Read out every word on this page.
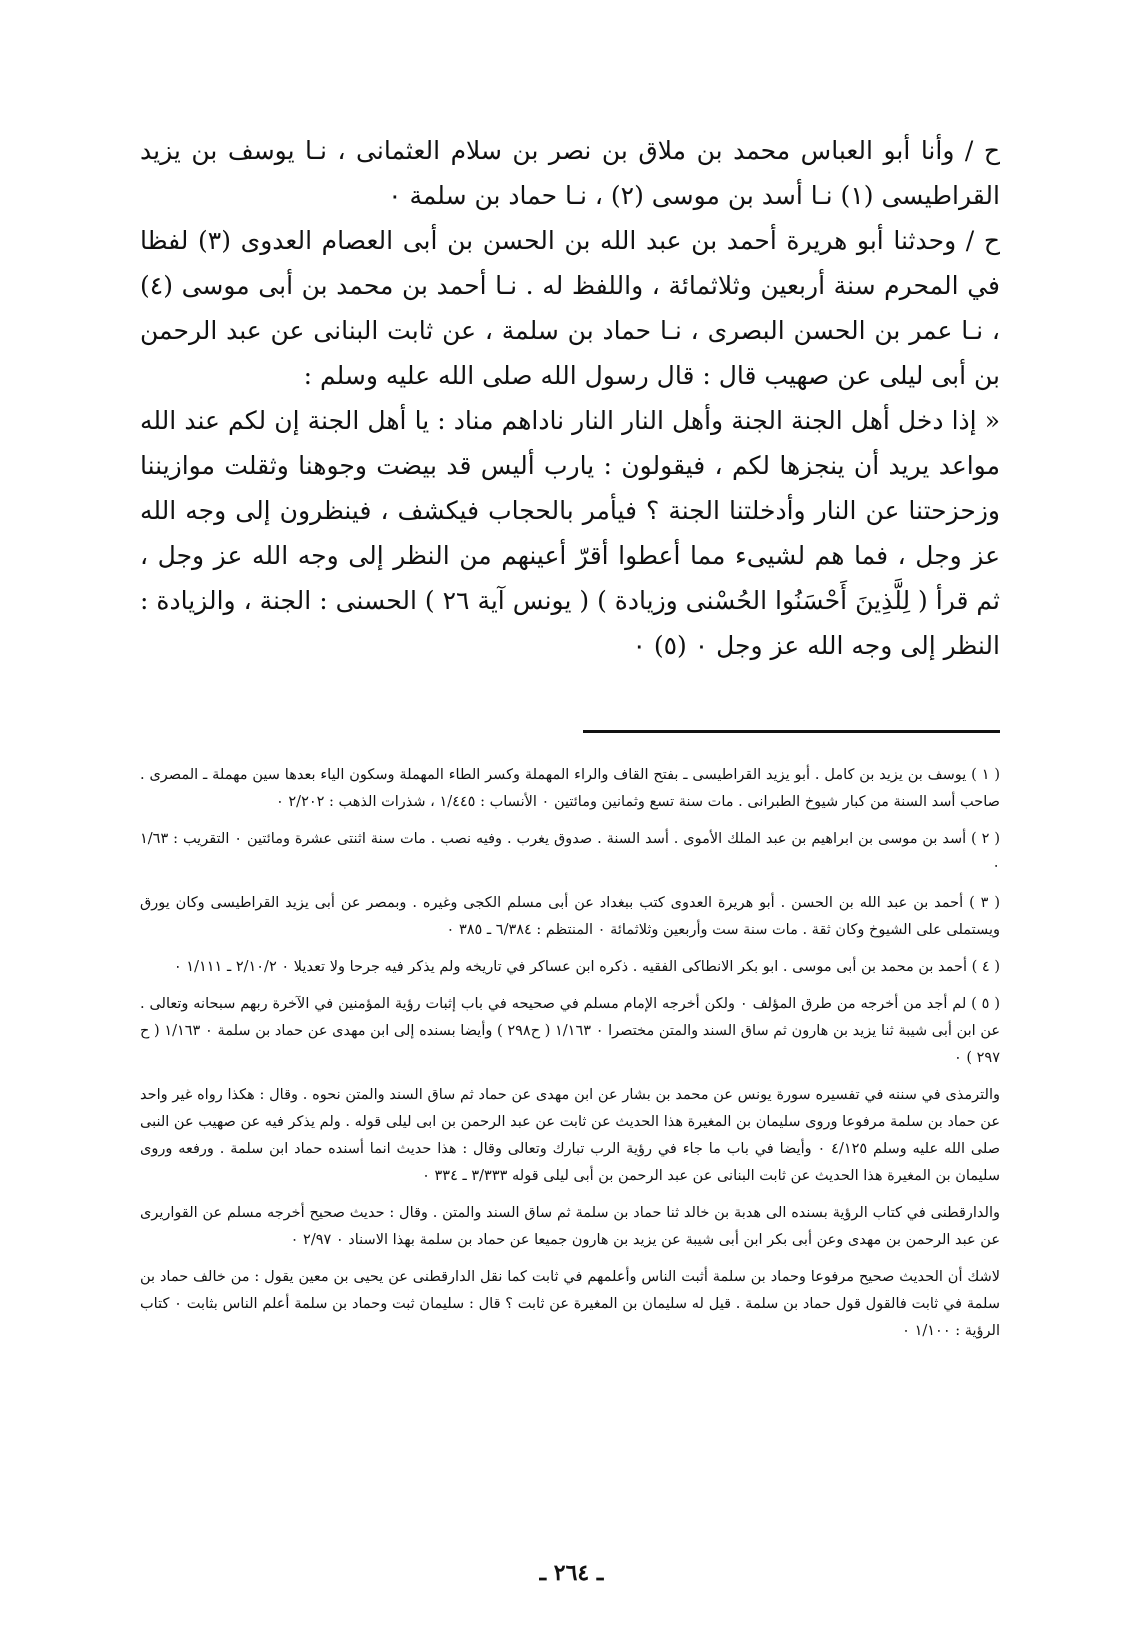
ح / وأنا أبو العباس محمد بن ملاق بن نصر بن سلام العثمانى ، نـا يوسف بن يزيد القراطيسى (١) نـا أسد بن موسى (٢) ، نـا حماد بن سلمة ٠

ح / وحدثنا أبو هريرة أحمد بن عبد الله بن الحسن بن أبى العصام العدوى (٣) لفظا في المحرم سنة أربعين وثلاثمائة ، واللفظ له . نـا أحمد بن محمد بن أبى موسى (٤) ، نـا عمر بن الحسن البصرى ، نـا حماد بن سلمة ، عن ثابت البنانى عن عبد الرحمن بن أبى ليلى عن صهيب قال : قال رسول الله صلى الله عليه وسلم :

« إذا دخل أهل الجنة الجنة وأهل النار النار ناداهم مناد : يا أهل الجنة إن لكم عند الله مواعد يريد أن ينجزها لكم ، فيقولون : يارب أليس قد بيضت وجوهنا وثقلت موازيننا وزحزحتنا عن النار وأدخلتنا الجنة ؟ فيأمر بالحجاب فيكشف ، فينظرون إلى وجه الله عز وجل ، فما هم لشيىء مما أعطوا أقرّ أعينهم من النظر إلى وجه الله عز وجل ، ثم قرأ ( لِلَّذِينَ أَحْسَنُوا الحُسْنى وزيادة ) ( يونس آية ٢٦ ) الحسنى : الجنة ، والزيادة : النظر إلى وجه الله عز وجل ٠ (٥) ٠

( ١ ) يوسف بن يزيد بن كامل . أبو يزيد القراطيسى ـ بفتح القاف والراء المهملة وكسر الطاء المهملة وسكون الياء بعدها سين مهملة ـ المصرى . صاحب أسد السنة من كبار شيوخ الطبرانى . مات سنة تسع وثمانين ومائتين ٠ الأنساب : ١/٤٤٥ ، شذرات الذهب : ٢/٢٠٢ ٠

( ٢ ) أسد بن موسى بن ابراهيم بن عبد الملك الأموى . أسد السنة . صدوق يغرب . وفيه نصب . مات سنة اثنتى عشرة ومائتين ٠ التقريب : ١/٦٣ ٠

( ٣ ) أحمد بن عبد الله بن الحسن . أبو هريرة العدوى كتب ببغداد عن أبى مسلم الكجى وغيره . وبمصر عن أبى يزيد القراطيسى وكان يورق ويستملى على الشيوخ وكان ثقة . مات سنة ست وأربعين وثلاثمائة ٠ المنتظم : ٦/٣٨٤ ـ ٣٨٥ ٠

( ٤ ) أحمد بن محمد بن أبى موسى . ابو بكر الانطاكى الفقيه . ذكره ابن عساكر في تاريخه ولم يذكر فيه جرحا ولا تعديلا ٠ ٢/١٠/٢ ـ ١/١١١ ٠

( ٥ ) لم أجد من أخرجه من طرق المؤلف ٠ ولكن أخرجه الإمام مسلم في صحيحه في باب إثبات رؤية المؤمنين في الآخرة ربهم سبحانه وتعالى . عن ابن أبى شيبة ثنا يزيد بن هارون ثم ساق السند والمتن مختصرا ٠ ١/١٦٣ ( ح٢٩٨ ) وأيضا بسنده إلى ابن مهدى عن حماد بن سلمة ٠ ١/١٦٣ ( ح ٢٩٧ ) ٠

والترمذى في سننه في تفسيره سورة يونس عن محمد بن بشار عن ابن مهدى عن حماد ثم ساق السند والمتن نحوه . وقال : هكذا رواه غير واحد عن حماد بن سلمة مرفوعا وروى سليمان بن المغيرة هذا الحديث عن ثابت عن عبد الرحمن بن ابى ليلى قوله . ولم يذكر فيه عن صهيب عن النبى صلى الله عليه وسلم ٤/١٢٥ ٠ وأيضا في باب ما جاء في رؤية الرب تبارك وتعالى وقال : هذا حديث انما أسنده حماد ابن سلمة . ورفعه وروى سليمان بن المغيرة هذا الحديث عن ثابت البنانى عن عبد الرحمن بن أبى ليلى قوله ٣/٣٣٣ ـ ٣٣٤ ٠

والدارقطنى في كتاب الرؤية بسنده الى هدبة بن خالد ثنا حماد بن سلمة ثم ساق السند والمتن . وقال : حديث صحيح أخرجه مسلم عن القواريرى عن عبد الرحمن بن مهدى وعن أبى بكر ابن أبى شيبة عن يزيد بن هارون جميعا عن حماد بن سلمة بهذا الاسناد ٠ ٢/٩٧ ٠

لاشك أن الحديث صحيح مرفوعا وحماد بن سلمة أثبت الناس وأعلمهم في ثابت كما نقل الدارقطنى عن يحيى بن معين يقول : من خالف حماد بن سلمة في ثابت فالقول قول حماد بن سلمة . قيل له سليمان بن المغيرة عن ثابت ؟ قال : سليمان ثبت وحماد بن سلمة أعلم الناس بثابت ٠ كتاب الرؤية : ١/١٠٠ ٠

ـ ٢٦٤ ـ
